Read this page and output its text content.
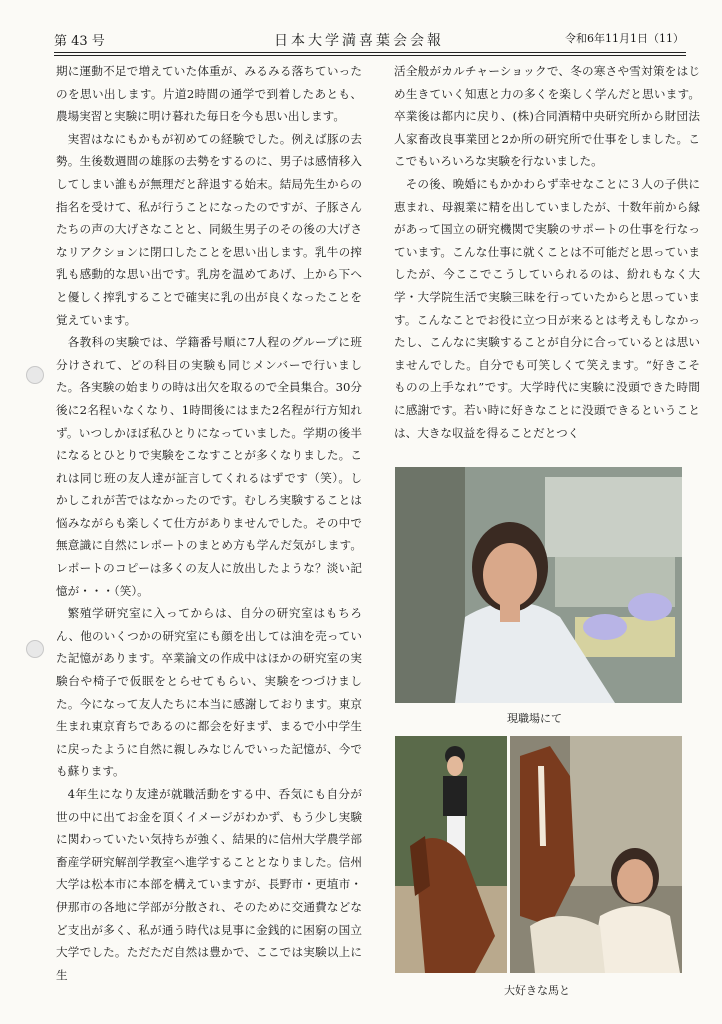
第 43 号	日本大学満喜葉会会報	令和6年11月1日（11）

期に運動不足で増えていた体重が、みるみる落ちていったのを思い出します。片道2時間の通学で到着したあとも、農場実習と実験に明け暮れた毎日を今も思い出します。

実習はなにもかもが初めての経験でした。例えば豚の去勢。生後数週間の雄豚の去勢をするのに、男子は感情移入してしまい誰もが無理だと辞退する始末。結局先生からの指名を受けて、私が行うことになったのですが、子豚さんたちの声の大げさなことと、同級生男子のその後の大げさなリアクションに閉口したことを思い出します。乳牛の搾乳も感動的な思い出です。乳房を温めてあげ、上から下へと優しく搾乳することで確実に乳の出が良くなったことを覚えています。

各教科の実験では、学籍番号順に7人程のグループに班分けされて、どの科目の実験も同じメンバーで行いました。各実験の始まりの時は出欠を取るので全員集合。30分後に2名程いなくなり、1時間後にはまた2名程が行方知れず。いつしかほぼ私ひとりになっていました。学期の後半になるとひとりで実験をこなすことが多くなりました。これは同じ班の友人達が証言してくれるはずです（笑）。しかしこれが苦ではなかったのです。むしろ実験することは悩みながらも楽しくて仕方がありませんでした。その中で無意識に自然にレポートのまとめ方も学んだ気がします。レポートのコピーは多くの友人に放出したような？淡い記憶が・・・（笑）。

繁殖学研究室に入ってからは、自分の研究室はもちろん、他のいくつかの研究室にも顔を出しては油を売っていた記憶があります。卒業論文の作成中はほかの研究室の実験台や椅子で仮眠をとらせてもらい、実験をつづけました。今になって友人たちに本当に感謝しております。東京生まれ東京育ちであるのに都会を好まず、まるで小中学生に戻ったように自然に親しみなじんでいった記憶が、今でも蘇ります。

4年生になり友達が就職活動をする中、呑気にも自分が世の中に出てお金を頂くイメージがわかず、もう少し実験に関わっていたい気持ちが強く、結果的に信州大学農学部畜産学研究解剖学教室へ進学することとなりました。信州大学は松本市に本部を構えていますが、長野市・更埴市・伊那市の各地に学部が分散され、そのために交通費などなど支出が多く、私が通う時代は見事に金銭的に困窮の国立大学でした。ただただ自然は豊かで、ここでは実験以上に生

活全般がカルチャーショックで、冬の寒さや雪対策をはじめ生きていく知恵と力の多くを楽しく学んだと思います。卒業後は都内に戻り、(株)合同酒精中央研究所から財団法人家畜改良事業団と2か所の研究所で仕事をしました。ここでもいろいろな実験を行ないました。

その後、晩婚にもかかわらず幸せなことに３人の子供に恵まれ、母親業に精を出していましたが、十数年前から縁があって国立の研究機関で実験のサポートの仕事を行なっています。こんな仕事に就くことは不可能だと思っていましたが、今ここでこうしていられるのは、紛れもなく大学・大学院生活で実験三昧を行っていたからと思っています。こんなことでお役に立つ日が来るとは考えもしなかったし、こんなに実験することが自分に合っているとは思いませんでした。自分でも可笑しくて笑えます。“好きこそものの上手なれ”です。大学時代に実験に没頭できた時間に感謝です。若い時に好きなことに没頭できるということは、大きな収益を得ることだとつく

現職場にて
大好きな馬と
